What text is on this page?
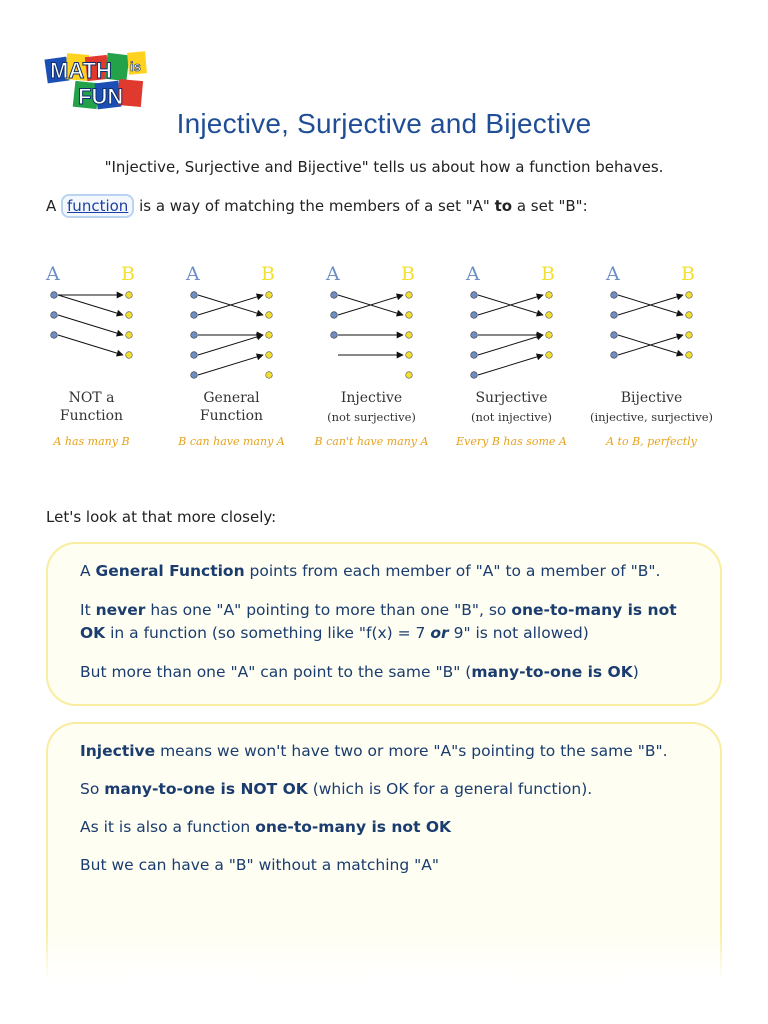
MATH is
FUN
Injective, Surjective and Bijective
"Injective, Surjective and Bijective" tells us about how a function behaves.
A function is a way of matching the members of a set "A" to a set "B":
A	B
NOT a
Function
A has many B
A	B
General
Function
B can have many A
A	B
Injective
(not surjective)
B can't have many A
A	B
Surjective
(not injective)
Every B has some A
A	B
Bijective
(injective, surjective)
A to B, perfectly
Let's look at that more closely:

A General Function points from each member of "A" to a member of "B".

It never has one "A" pointing to more than one "B", so one-to-many is not OK in a function (so something like "f(x) = 7 or 9" is not allowed)

But more than one "A" can point to the same "B" (many-to-one is OK)

Injective means we won't have two or more "A"s pointing to the same "B".

So many-to-one is NOT OK (which is OK for a general function).

As it is also a function one-to-many is not OK

But we can have a "B" without a matching "A"
